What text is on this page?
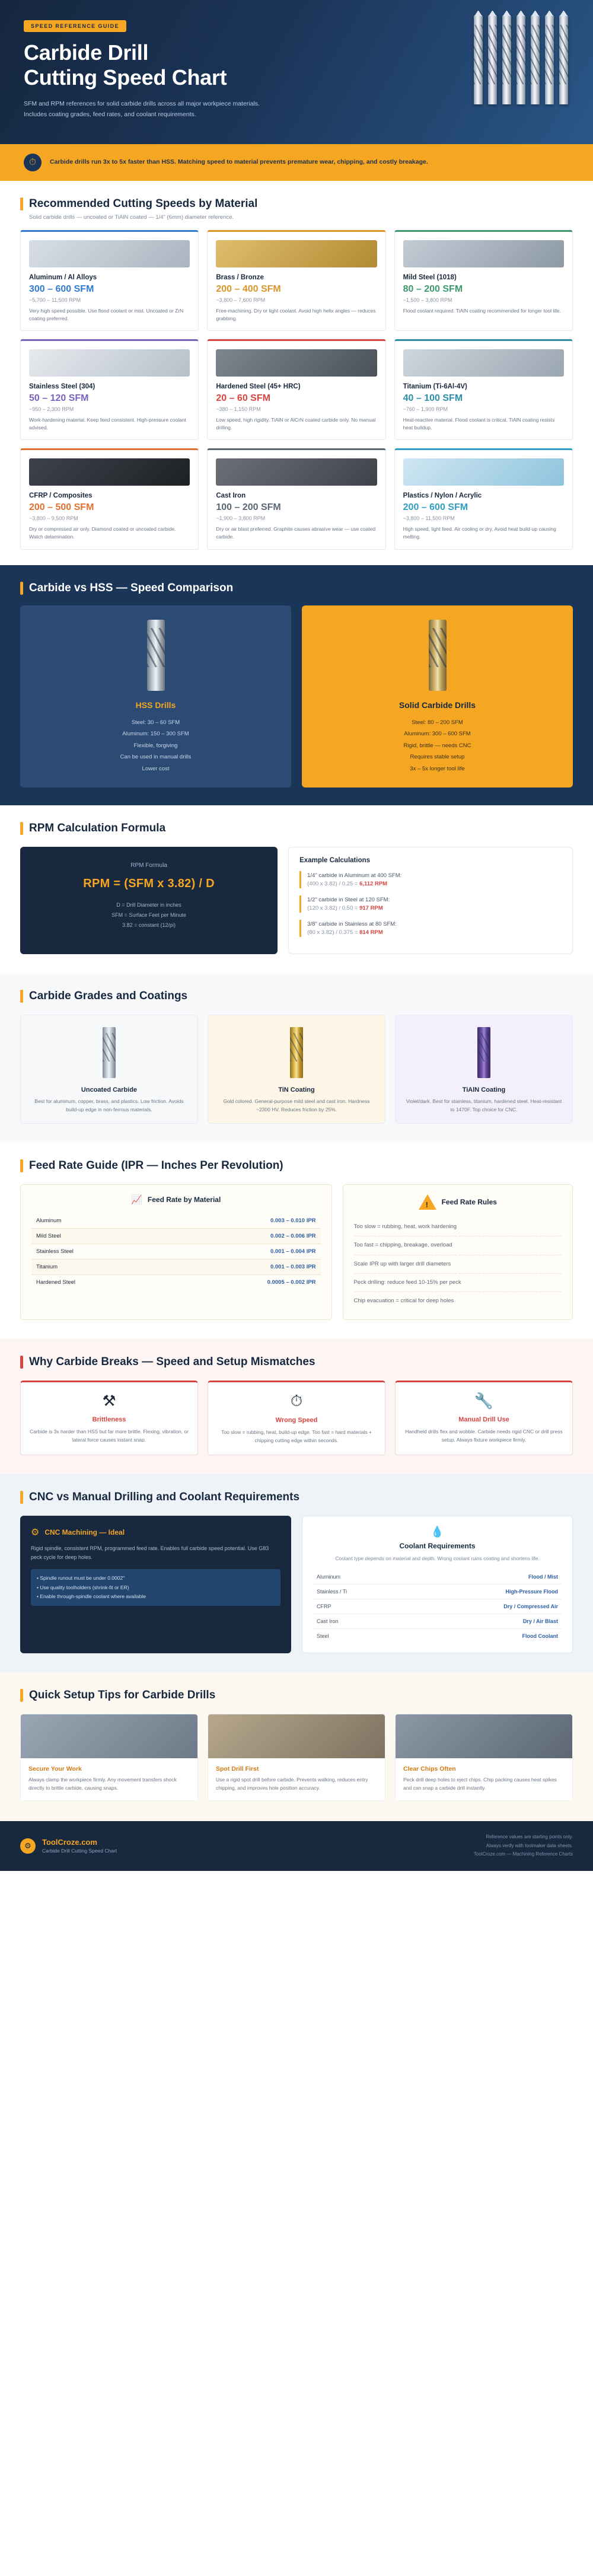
SPEED REFERENCE GUIDE
Carbide Drill
Cutting Speed Chart

SFM and RPM references for solid carbide drills across all major workpiece materials. Includes coating grades, feed rates, and coolant requirements.

⏱	Carbide drills run 3x to 5x faster than HSS. Matching speed to material prevents premature wear, chipping, and costly breakage.
Recommended Cutting Speeds by Material
Solid carbide drills — uncoated or TiAlN coated — 1/4" (6mm) diameter reference.
Aluminum / Al Alloys
300 – 600 SFM
~5,700 – 11,500 RPM
Very high speed possible. Use flood coolant or mist. Uncoated or ZrN coating preferred.
Brass / Bronze
200 – 400 SFM
~3,800 – 7,600 RPM
Free-machining. Dry or light coolant. Avoid high helix angles — reduces grabbing.
Mild Steel (1018)
80 – 200 SFM
~1,500 – 3,800 RPM
Flood coolant required. TiAlN coating recommended for longer tool life.
Stainless Steel (304)
50 – 120 SFM
~950 – 2,300 RPM
Work-hardening material. Keep feed consistent. High-pressure coolant advised.
Hardened Steel (45+ HRC)
20 – 60 SFM
~380 – 1,150 RPM
Low speed, high rigidity. TiAlN or AlCrN coated carbide only. No manual drilling.
Titanium (Ti-6Al-4V)
40 – 100 SFM
~760 – 1,900 RPM
Heat-reactive material. Flood coolant is critical. TiAlN coating resists heat buildup.
CFRP / Composites
200 – 500 SFM
~3,800 – 9,500 RPM
Dry or compressed air only. Diamond coated or uncoated carbide. Watch delamination.
Cast Iron
100 – 200 SFM
~1,900 – 3,800 RPM
Dry or air blast preferred. Graphite causes abrasive wear — use coated carbide.
Plastics / Nylon / Acrylic
200 – 600 SFM
~3,800 – 11,500 RPM
High speed, light feed. Air cooling or dry. Avoid heat build-up causing melting.
Carbide vs HSS — Speed Comparison
HSS Drills
Steel: 30 – 60 SFM
Aluminum: 150 – 300 SFM
Flexible, forgiving
Can be used in manual drills
Lower cost
Solid Carbide Drills
Steel: 80 – 200 SFM
Aluminum: 300 – 600 SFM
Rigid, brittle — needs CNC
Requires stable setup
3x – 5x longer tool life
RPM Calculation Formula
RPM Formula
RPM = (SFM x 3.82) / D
D = Drill Diameter in inches
SFM = Surface Feet per Minute
3.82 = constant (12/pi)
Example Calculations
1/4" carbide in Aluminum at 400 SFM:
(400 x 3.82) / 0.25 = 6,112 RPM
1/2" carbide in Steel at 120 SFM:
(120 x 3.82) / 0.50 = 917 RPM
3/8" carbide in Stainless at 80 SFM:
(80 x 3.82) / 0.375 = 814 RPM
Carbide Grades and Coatings
Uncoated Carbide
Best for aluminum, copper, brass, and plastics. Low friction. Avoids build-up edge in non-ferrous materials.
TiN Coating
Gold colored. General-purpose mild steel and cast iron. Hardness ~2300 HV. Reduces friction by 25%.
TiAlN Coating
Violet/dark. Best for stainless, titanium, hardened steel. Heat-resistant to 1470F. Top choice for CNC.
Feed Rate Guide (IPR — Inches Per Revolution)
📈 Feed Rate by Material
Aluminum	0.003 – 0.010 IPR
Mild Steel	0.002 – 0.006 IPR
Stainless Steel	0.001 – 0.004 IPR
Titanium	0.001 – 0.003 IPR
Hardened Steel	0.0005 – 0.002 IPR
! Feed Rate Rules
Too slow = rubbing, heat, work hardening
Too fast = chipping, breakage, overload
Scale IPR up with larger drill diameters
Peck drilling: reduce feed 10-15% per peck
Chip evacuation = critical for deep holes
Why Carbide Breaks — Speed and Setup Mismatches
⚒
Brittleness
Carbide is 3x harder than HSS but far more brittle. Flexing, vibration, or lateral force causes instant snap.
⏱
Wrong Speed
Too slow = rubbing, heat, build-up edge. Too fast = hard materials + chipping cutting edge within seconds.
🔧
Manual Drill Use
Handheld drills flex and wobble. Carbide needs rigid CNC or drill press setup. Always fixture workpiece firmly.
CNC vs Manual Drilling and Coolant Requirements
⚙ CNC Machining — Ideal
Rigid spindle, consistent RPM, programmed feed rate. Enables full carbide speed potential. Use G83 peck cycle for deep holes.
• Spindle runout must be under 0.0002"
• Use quality toolholders (shrink-fit or ER)
• Enable through-spindle coolant where available
💧
Coolant Requirements
Coolant type depends on material and depth. Wrong coolant ruins coating and shortens life.
Aluminum	Flood / Mist
Stainless / Ti	High-Pressure Flood
CFRP	Dry / Compressed Air
Cast Iron	Dry / Air Blast
Steel	Flood Coolant
Quick Setup Tips for Carbide Drills
Secure Your Work
Always clamp the workpiece firmly. Any movement transfers shock directly to brittle carbide, causing snaps.
Spot Drill First
Use a rigid spot drill before carbide. Prevents walking, reduces entry chipping, and improves hole position accuracy.
Clear Chips Often
Peck drill deep holes to eject chips. Chip packing causes heat spikes and can snap a carbide drill instantly.
⚙	ToolCroze.com
Carbide Drill Cutting Speed Chart
Reference values are starting points only.
Always verify with toolmaker data sheets.
ToolCroze.com — Machining Reference Charts
